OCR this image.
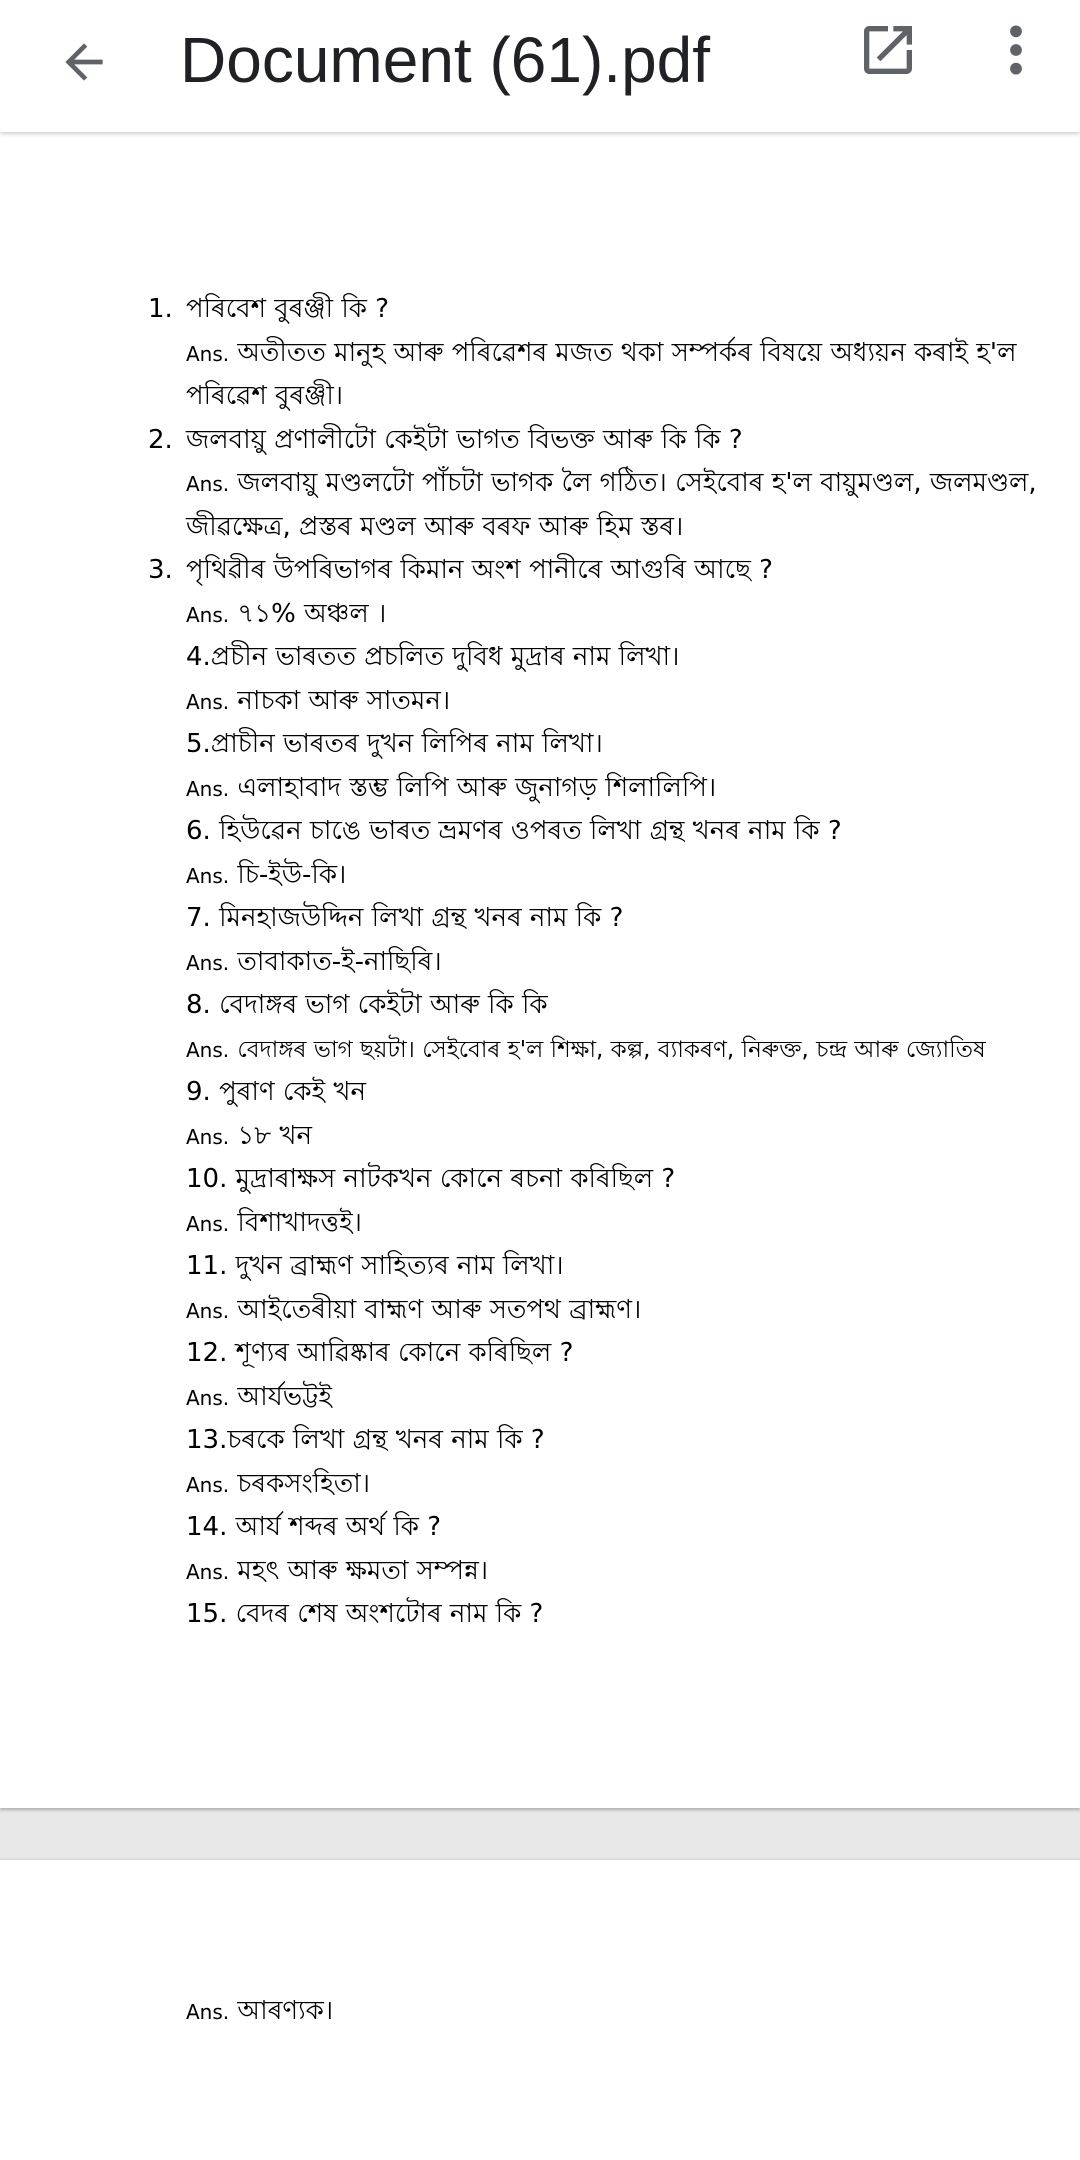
Document (61).pdf
1. পৰিবেশ বুৰঞ্জী কি ?
Ans. অতীতত মানুহ আৰু পৰিৱেশৰ মজত থকা সম্পৰ্কৰ বিষয়ে অধ্যয়ন কৰাই হ'ল
পৰিৱেশ বুৰঞ্জী।
2. জলবায়ু প্ৰণালীটো কেইটা ভাগত বিভক্ত আৰু কি কি ?
Ans. জলবায়ু মণ্ডলটো পাঁচটা ভাগক লৈ গঠিত। সেইবোৰ হ'ল বায়ুমণ্ডল, জলমণ্ডল,
জীৱক্ষেত্ৰ, প্ৰস্তৰ মণ্ডল আৰু বৰফ আৰু হিম স্তৰ।
3. পৃথিৱীৰ উপৰিভাগৰ কিমান অংশ পানীৰে আগুৰি আছে ?
Ans. ৭১% অঞ্চল ।
4.প্ৰচীন ভাৰতত প্ৰচলিত দুবিধ মুদ্ৰাৰ নাম লিখা।
Ans. নাচকা আৰু সাতমন।
5.প্ৰাচীন ভাৰতৰ দুখন লিপিৰ নাম লিখা।
Ans. এলাহাবাদ স্তম্ভ লিপি আৰু জুনাগড় শিলালিপি।
6. হিউৱেন চাঙে ভাৰত ভ্ৰমণৰ ওপৰত লিখা গ্ৰন্থ খনৰ নাম কি ?
Ans. চি-ইউ-কি।
7. মিনহাজউদ্দিন লিখা গ্ৰন্থ খনৰ নাম কি ?
Ans. তাবাকাত-ই-নাছিৰি।
8. বেদাঙ্গৰ ভাগ কেইটা আৰু কি কি
Ans. বেদাঙ্গৰ ভাগ ছয়টা। সেইবোৰ হ'ল শিক্ষা, কল্প, ব্যাকৰণ, নিৰুক্ত, চন্দ্ৰ আৰু জ্যোতিষ
9. পুৰাণ কেই খন
Ans. ১৮ খন
10. মুদ্ৰাৰাক্ষস নাটকখন কোনে ৰচনা কৰিছিল ?
Ans. বিশাখাদত্তই।
11. দুখন ব্ৰাহ্মণ সাহিত্যৰ নাম লিখা।
Ans. আইতেৰীয়া বাহ্মণ আৰু সতপথ ব্ৰাহ্মণ।
12. শূণ্যৰ আৱিষ্কাৰ কোনে কৰিছিল ?
Ans. আৰ্যভট্টই
13.চৰকে লিখা গ্ৰন্থ খনৰ নাম কি ?
Ans. চৰকসংহিতা।
14. আৰ্য শব্দৰ অৰ্থ কি ?
Ans. মহৎ আৰু ক্ষমতা সম্পন্ন।
15. বেদৰ শেষ অংশটোৰ নাম কি ?
Ans. আৰণ্যক।
